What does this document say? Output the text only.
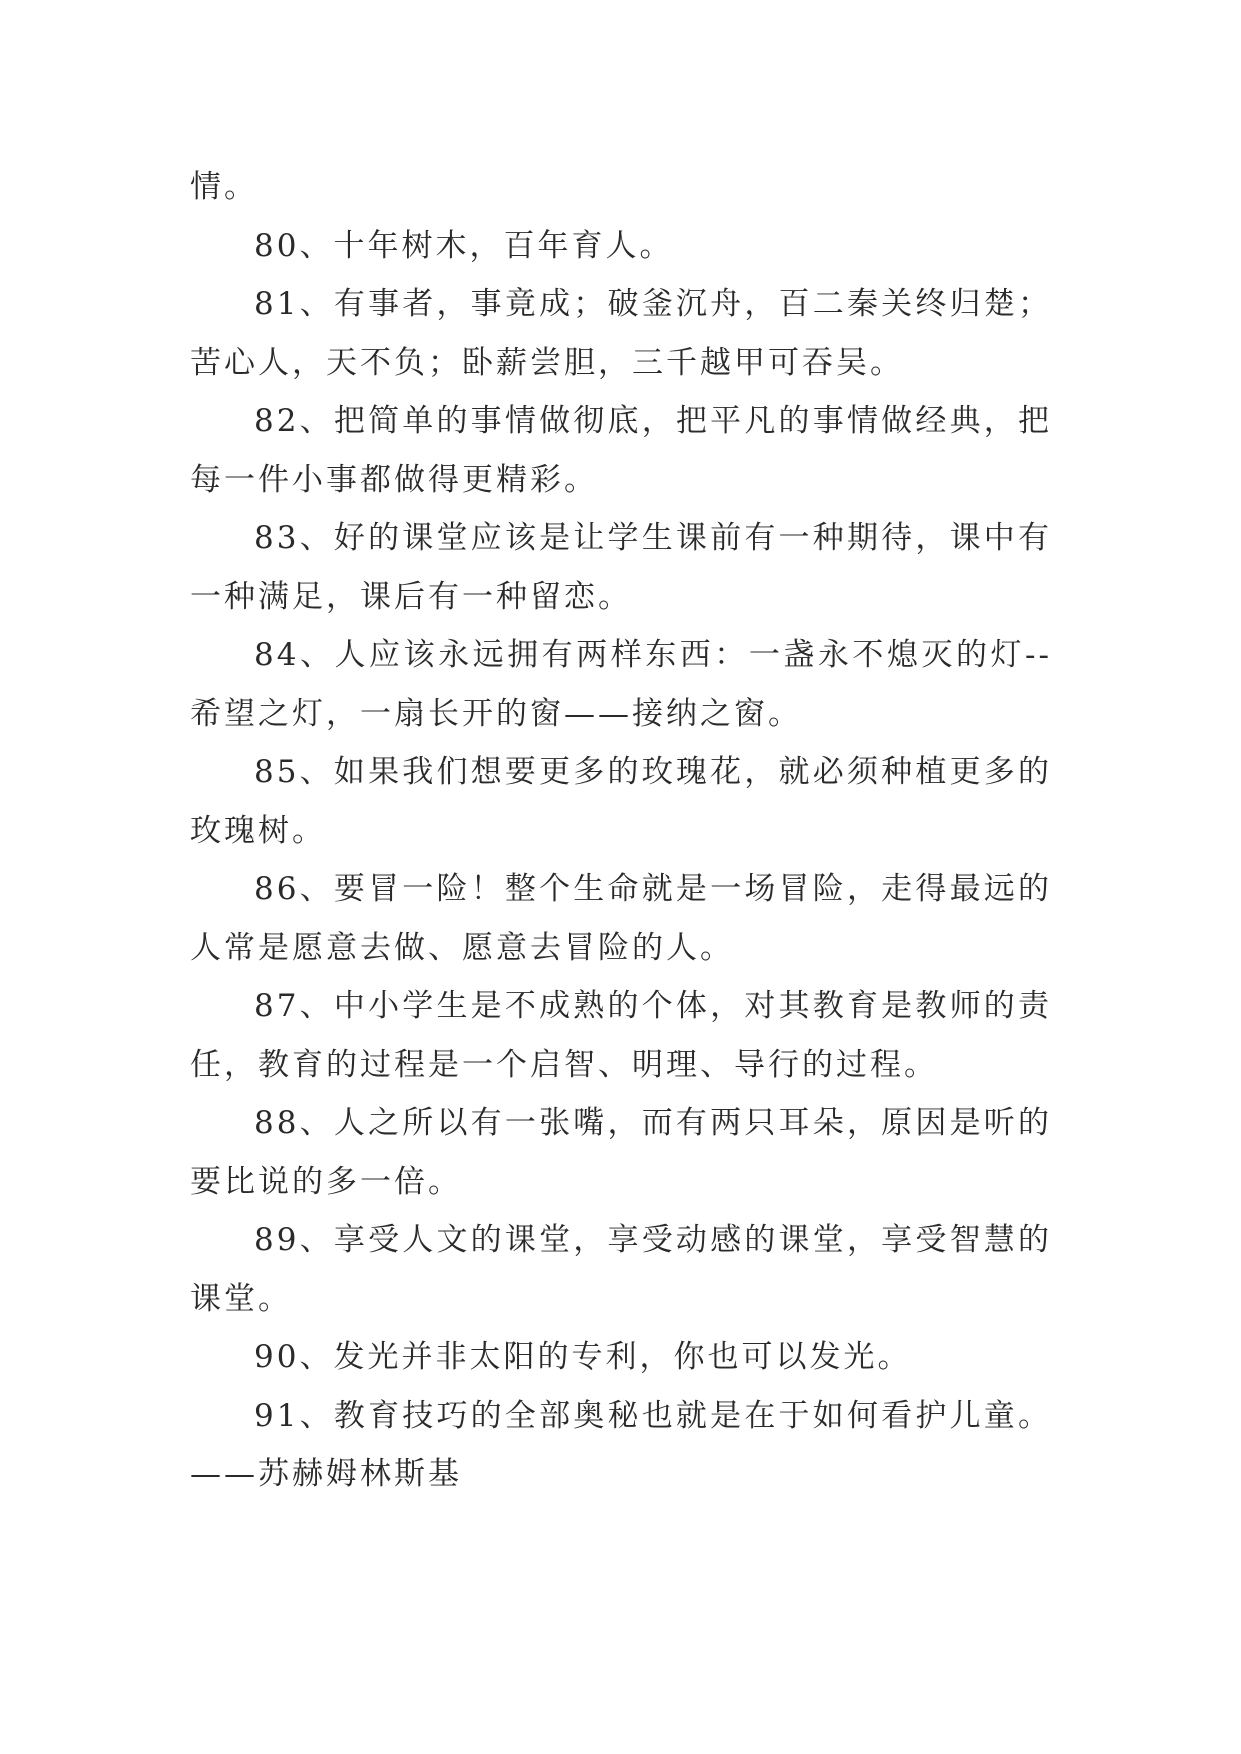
情。

80、十年树木，百年育人。

81、有事者，事竟成；破釜沉舟，百二秦关终归楚；苦心人，天不负；卧薪尝胆，三千越甲可吞吴。

82、把简单的事情做彻底，把平凡的事情做经典，把每一件小事都做得更精彩。

83、好的课堂应该是让学生课前有一种期待，课中有一种满足，课后有一种留恋。

84、人应该永远拥有两样东西：一盏永不熄灭的灯--希望之灯，一扇长开的窗——接纳之窗。

85、如果我们想要更多的玫瑰花，就必须种植更多的玫瑰树。

86、要冒一险！整个生命就是一场冒险，走得最远的人常是愿意去做、愿意去冒险的人。

87、中小学生是不成熟的个体，对其教育是教师的责任，教育的过程是一个启智、明理、导行的过程。

88、人之所以有一张嘴，而有两只耳朵，原因是听的要比说的多一倍。

89、享受人文的课堂，享受动感的课堂，享受智慧的课堂。

90、发光并非太阳的专利，你也可以发光。

91、教育技巧的全部奥秘也就是在于如何看护儿童。——苏赫姆林斯基
